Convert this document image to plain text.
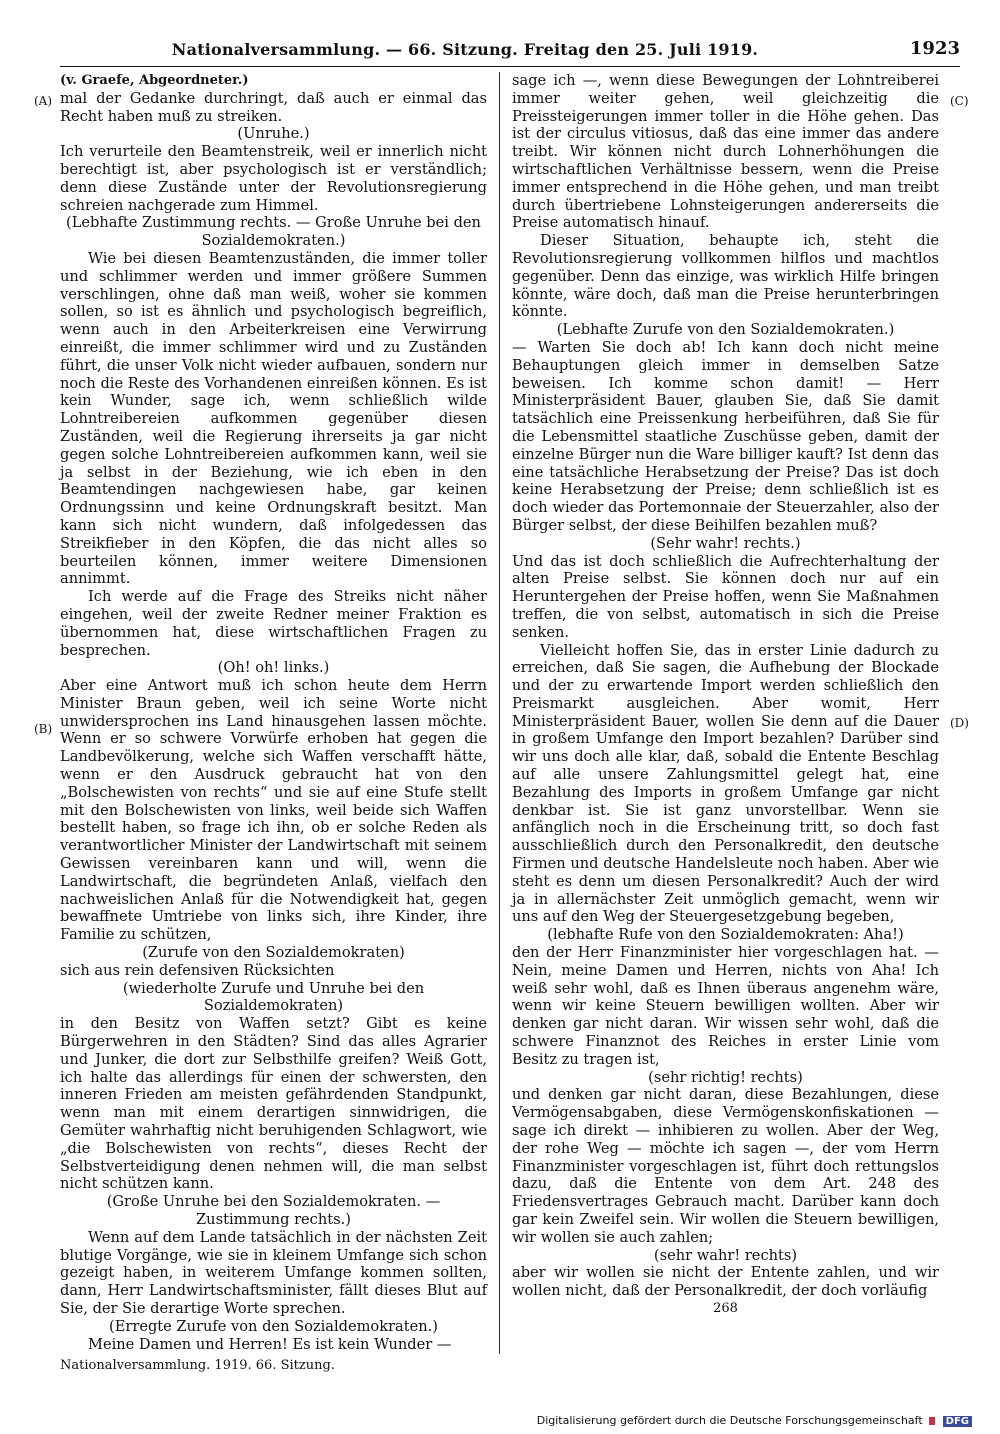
Nationalversammlung. — 66. Sitzung. Freitag den 25. Juli 1919.	1923
(A)
(B)
(C)
(D)

(v. Graefe, Abgeordneter.)

mal der Gedanke durchringt, daß auch er einmal das Recht haben muß zu streiken.

(Unruhe.)

Ich verurteile den Beamtenstreik, weil er innerlich nicht berechtigt ist, aber psychologisch ist er verständlich; denn diese Zustände unter der Revolutionsregierung schreien nachgerade zum Himmel.

(Lebhafte Zustimmung rechts. — Große Unruhe bei den Sozialdemokraten.)

Wie bei diesen Beamtenzuständen, die immer toller und schlimmer werden und immer größere Summen verschlingen, ohne daß man weiß, woher sie kommen sollen, so ist es ähnlich und psychologisch begreiflich, wenn auch in den Arbeiterkreisen eine Verwirrung einreißt, die immer schlimmer wird und zu Zuständen führt, die unser Volk nicht wieder aufbauen, sondern nur noch die Reste des Vorhandenen einreißen können. Es ist kein Wunder, sage ich, wenn schließlich wilde Lohntreibereien aufkommen gegenüber diesen Zuständen, weil die Regierung ihrerseits ja gar nicht gegen solche Lohntreibereien aufkommen kann, weil sie ja selbst in der Beziehung, wie ich eben in den Beamtendingen nachgewiesen habe, gar keinen Ordnungssinn und keine Ordnungskraft besitzt. Man kann sich nicht wundern, daß infolgedessen das Streikfieber in den Köpfen, die das nicht alles so beurteilen können, immer weitere Dimensionen annimmt.

Ich werde auf die Frage des Streiks nicht näher eingehen, weil der zweite Redner meiner Fraktion es übernommen hat, diese wirtschaftlichen Fragen zu besprechen.

(Oh! oh! links.)

Aber eine Antwort muß ich schon heute dem Herrn Minister Braun geben, weil ich seine Worte nicht unwidersprochen ins Land hinausgehen lassen möchte. Wenn er so schwere Vorwürfe erhoben hat gegen die Landbevölkerung, welche sich Waffen verschafft hätte, wenn er den Ausdruck gebraucht hat von den „Bolschewisten von rechts“ und sie auf eine Stufe stellt mit den Bolschewisten von links, weil beide sich Waffen bestellt haben, so frage ich ihn, ob er solche Reden als verantwortlicher Minister der Landwirtschaft mit seinem Gewissen vereinbaren kann und will, wenn die Landwirtschaft, die begründeten Anlaß, vielfach den nachweislichen Anlaß für die Notwendigkeit hat, gegen bewaffnete Umtriebe von links sich, ihre Kinder, ihre Familie zu schützen,

(Zurufe von den Sozialdemokraten)

sich aus rein defensiven Rücksichten

(wiederholte Zurufe und Unruhe bei den Sozialdemokraten)

in den Besitz von Waffen setzt? Gibt es keine Bürgerwehren in den Städten? Sind das alles Agrarier und Junker, die dort zur Selbsthilfe greifen? Weiß Gott, ich halte das allerdings für einen der schwersten, den inneren Frieden am meisten gefährdenden Standpunkt, wenn man mit einem derartigen sinnwidrigen, die Gemüter wahrhaftig nicht beruhigenden Schlagwort, wie „die Bolschewisten von rechts“, dieses Recht der Selbstverteidigung denen nehmen will, die man selbst nicht schützen kann.

(Große Unruhe bei den Sozialdemokraten. — Zustimmung rechts.)

Wenn auf dem Lande tatsächlich in der nächsten Zeit blutige Vorgänge, wie sie in kleinem Umfange sich schon gezeigt haben, in weiterem Umfange kommen sollten, dann, Herr Landwirtschaftsminister, fällt dieses Blut auf Sie, der Sie derartige Worte sprechen.

(Erregte Zurufe von den Sozialdemokraten.)

Meine Damen und Herren! Es ist kein Wunder —

Nationalversammlung. 1919. 66. Sitzung.

sage ich —, wenn diese Bewegungen der Lohntreiberei immer weiter gehen, weil gleichzeitig die Preissteigerungen immer toller in die Höhe gehen. Das ist der circulus vitiosus, daß das eine immer das andere treibt. Wir können nicht durch Lohnerhöhungen die wirtschaftlichen Verhältnisse bessern, wenn die Preise immer entsprechend in die Höhe gehen, und man treibt durch übertriebene Lohnsteigerungen andererseits die Preise automatisch hinauf.

Dieser Situation, behaupte ich, steht die Revolutionsregierung vollkommen hilflos und machtlos gegenüber. Denn das einzige, was wirklich Hilfe bringen könnte, wäre doch, daß man die Preise herunterbringen könnte.

(Lebhafte Zurufe von den Sozialdemokraten.)

— Warten Sie doch ab! Ich kann doch nicht meine Behauptungen gleich immer in demselben Satze beweisen. Ich komme schon damit! — Herr Ministerpräsident Bauer, glauben Sie, daß Sie damit tatsächlich eine Preissenkung herbeiführen, daß Sie für die Lebensmittel staatliche Zuschüsse geben, damit der einzelne Bürger nun die Ware billiger kauft? Ist denn das eine tatsächliche Herabsetzung der Preise? Das ist doch keine Herabsetzung der Preise; denn schließlich ist es doch wieder das Portemonnaie der Steuerzahler, also der Bürger selbst, der diese Beihilfen bezahlen muß?

(Sehr wahr! rechts.)

Und das ist doch schließlich die Aufrechterhaltung der alten Preise selbst. Sie können doch nur auf ein Heruntergehen der Preise hoffen, wenn Sie Maßnahmen treffen, die von selbst, automatisch in sich die Preise senken.

Vielleicht hoffen Sie, das in erster Linie dadurch zu erreichen, daß Sie sagen, die Aufhebung der Blockade und der zu erwartende Import werden schließlich den Preismarkt ausgleichen. Aber womit, Herr Ministerpräsident Bauer, wollen Sie denn auf die Dauer in großem Umfange den Import bezahlen? Darüber sind wir uns doch alle klar, daß, sobald die Entente Beschlag auf alle unsere Zahlungsmittel gelegt hat, eine Bezahlung des Imports in großem Umfange gar nicht denkbar ist. Sie ist ganz unvorstellbar. Wenn sie anfänglich noch in die Erscheinung tritt, so doch fast ausschließlich durch den Personalkredit, den deutsche Firmen und deutsche Handelsleute noch haben. Aber wie steht es denn um diesen Personalkredit? Auch der wird ja in allernächster Zeit unmöglich gemacht, wenn wir uns auf den Weg der Steuergesetzgebung begeben,

(lebhafte Rufe von den Sozialdemokraten: Aha!)

den der Herr Finanzminister hier vorgeschlagen hat. — Nein, meine Damen und Herren, nichts von Aha! Ich weiß sehr wohl, daß es Ihnen überaus angenehm wäre, wenn wir keine Steuern bewilligen wollten. Aber wir denken gar nicht daran. Wir wissen sehr wohl, daß die schwere Finanznot des Reiches in erster Linie vom Besitz zu tragen ist,

(sehr richtig! rechts)

und denken gar nicht daran, diese Bezahlungen, diese Vermögensabgaben, diese Vermögenskonfiskationen — sage ich direkt — inhibieren zu wollen. Aber der Weg, der rohe Weg — möchte ich sagen —, der vom Herrn Finanzminister vorgeschlagen ist, führt doch rettungslos dazu, daß die Entente von dem Art. 248 des Friedensvertrages Gebrauch macht. Darüber kann doch gar kein Zweifel sein. Wir wollen die Steuern bewilligen, wir wollen sie auch zahlen;

(sehr wahr! rechts)

aber wir wollen sie nicht der Entente zahlen, und wir wollen nicht, daß der Personalkredit, der doch vorläufig

268

Digitalisierung gefördert durch die Deutsche Forschungsgemeinschaft DFG
